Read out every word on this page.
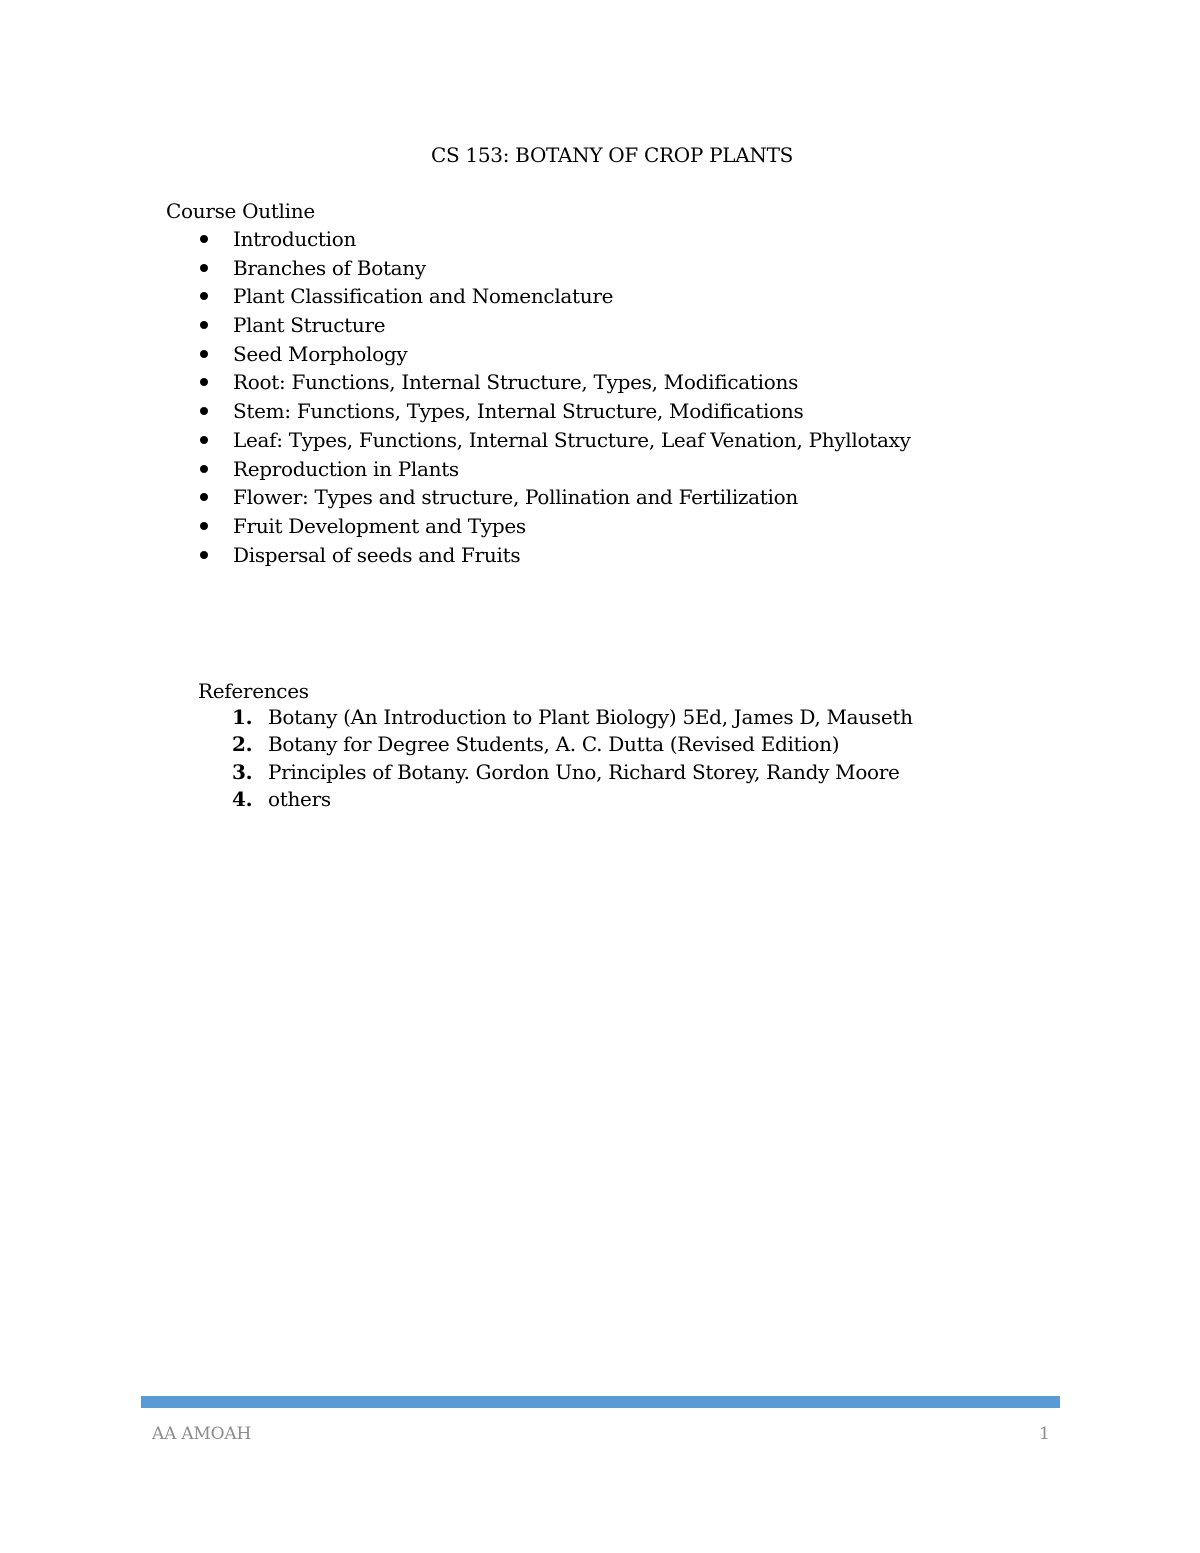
CS 153: BOTANY OF CROP PLANTS
Course Outline
Introduction
Branches of Botany
Plant Classification and Nomenclature
Plant Structure
Seed Morphology
Root: Functions, Internal Structure, Types, Modifications
Stem: Functions, Types, Internal Structure, Modifications
Leaf: Types, Functions, Internal Structure, Leaf Venation, Phyllotaxy
Reproduction in Plants
Flower: Types and structure, Pollination and Fertilization
Fruit Development and Types
Dispersal of seeds and Fruits
References
1. Botany (An Introduction to Plant Biology) 5Ed, James D, Mauseth
2. Botany for Degree Students, A. C. Dutta (Revised Edition)
3. Principles of Botany. Gordon Uno, Richard Storey, Randy Moore
4. others
AA AMOAH	1
